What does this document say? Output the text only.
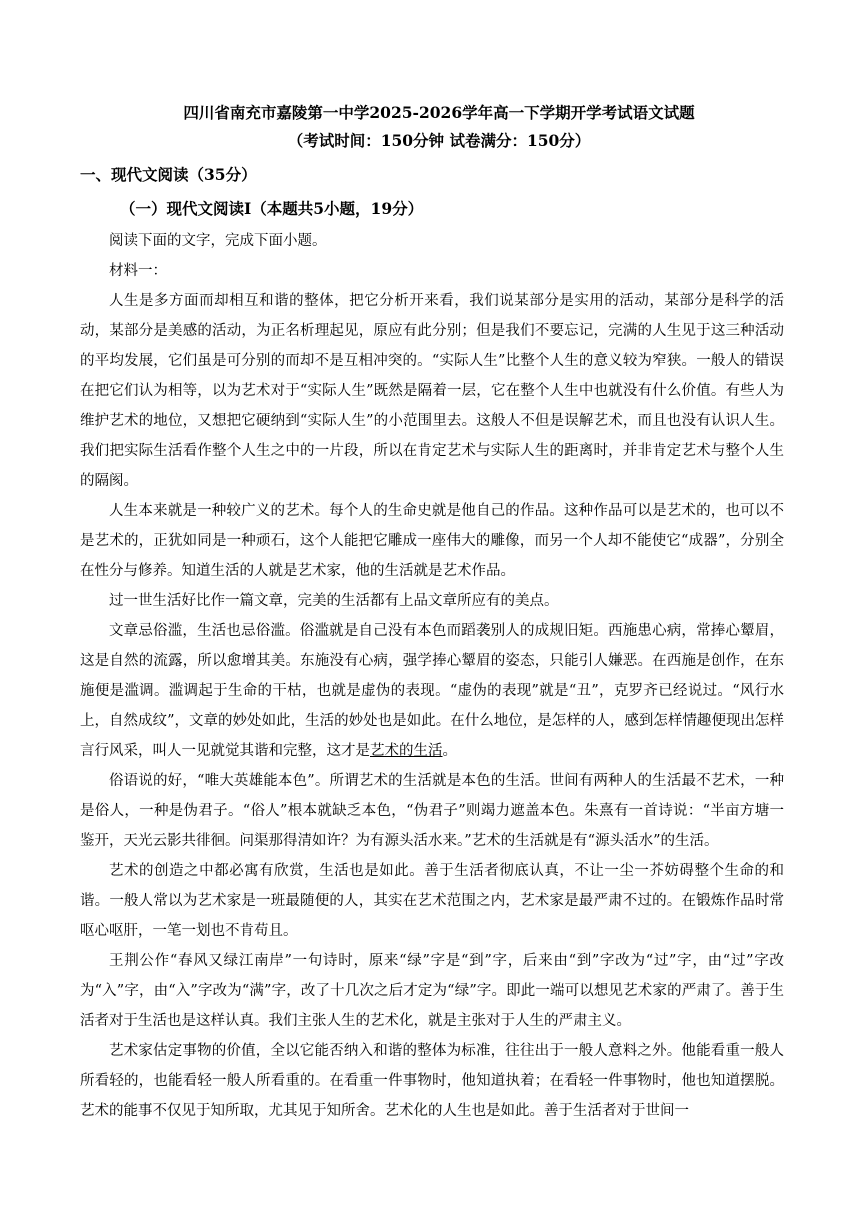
四川省南充市嘉陵第一中学2025-2026学年高一下学期开学考试语文试题
（考试时间：150分钟 试卷满分：150分）
一、现代文阅读（35分）
（一）现代文阅读Ⅰ（本题共5小题，19分）

阅读下面的文字，完成下面小题。

材料一：

人生是多方面而却相互和谐的整体，把它分析开来看，我们说某部分是实用的活动，某部分是科学的活动，某部分是美感的活动，为正名析理起见，原应有此分别；但是我们不要忘记，完满的人生见于这三种活动的平均发展，它们虽是可分别的而却不是互相冲突的。“实际人生”比整个人生的意义较为窄狭。一般人的错误在把它们认为相等，以为艺术对于“实际人生”既然是隔着一层，它在整个人生中也就没有什么价值。有些人为维护艺术的地位，又想把它硬纳到“实际人生”的小范围里去。这般人不但是误解艺术，而且也没有认识人生。我们把实际生活看作整个人生之中的一片段，所以在肯定艺术与实际人生的距离时，并非肯定艺术与整个人生的隔阂。

人生本来就是一种较广义的艺术。每个人的生命史就是他自己的作品。这种作品可以是艺术的，也可以不是艺术的，正犹如同是一种顽石，这个人能把它雕成一座伟大的雕像，而另一个人却不能使它“成器”，分别全在性分与修养。知道生活的人就是艺术家，他的生活就是艺术作品。

过一世生活好比作一篇文章，完美的生活都有上品文章所应有的美点。

文章忌俗滥，生活也忌俗滥。俗滥就是自己没有本色而蹈袭别人的成规旧矩。西施患心病，常捧心颦眉，这是自然的流露，所以愈增其美。东施没有心病，强学捧心颦眉的姿态，只能引人嫌恶。在西施是创作，在东施便是滥调。滥调起于生命的干枯，也就是虚伪的表现。“虚伪的表现”就是“丑”，克罗齐已经说过。“风行水上，自然成纹”，文章的妙处如此，生活的妙处也是如此。在什么地位，是怎样的人，感到怎样情趣便现出怎样言行风采，叫人一见就觉其谐和完整，这才是艺术的生活。

俗语说的好，“唯大英雄能本色”。所谓艺术的生活就是本色的生活。世间有两种人的生活最不艺术，一种是俗人，一种是伪君子。“俗人”根本就缺乏本色，“伪君子”则竭力遮盖本色。朱熹有一首诗说：“半亩方塘一鉴开，天光云影共徘徊。问渠那得清如许？为有源头活水来。”艺术的生活就是有“源头活水”的生活。

艺术的创造之中都必寓有欣赏，生活也是如此。善于生活者彻底认真，不让一尘一芥妨碍整个生命的和谐。一般人常以为艺术家是一班最随便的人，其实在艺术范围之内，艺术家是最严肃不过的。在锻炼作品时常呕心呕肝，一笔一划也不肯苟且。

王荆公作“春风又绿江南岸”一句诗时，原来“绿”字是“到”字，后来由“到”字改为“过”字，由“过”字改为“入”字，由“入”字改为“满”字，改了十几次之后才定为“绿”字。即此一端可以想见艺术家的严肃了。善于生活者对于生活也是这样认真。我们主张人生的艺术化，就是主张对于人生的严肃主义。

艺术家估定事物的价值，全以它能否纳入和谐的整体为标准，往往出于一般人意料之外。他能看重一般人所看轻的，也能看轻一般人所看重的。在看重一件事物时，他知道执着；在看轻一件事物时，他也知道摆脱。艺术的能事不仅见于知所取，尤其见于知所舍。艺术化的人生也是如此。善于生活者对于世间一
